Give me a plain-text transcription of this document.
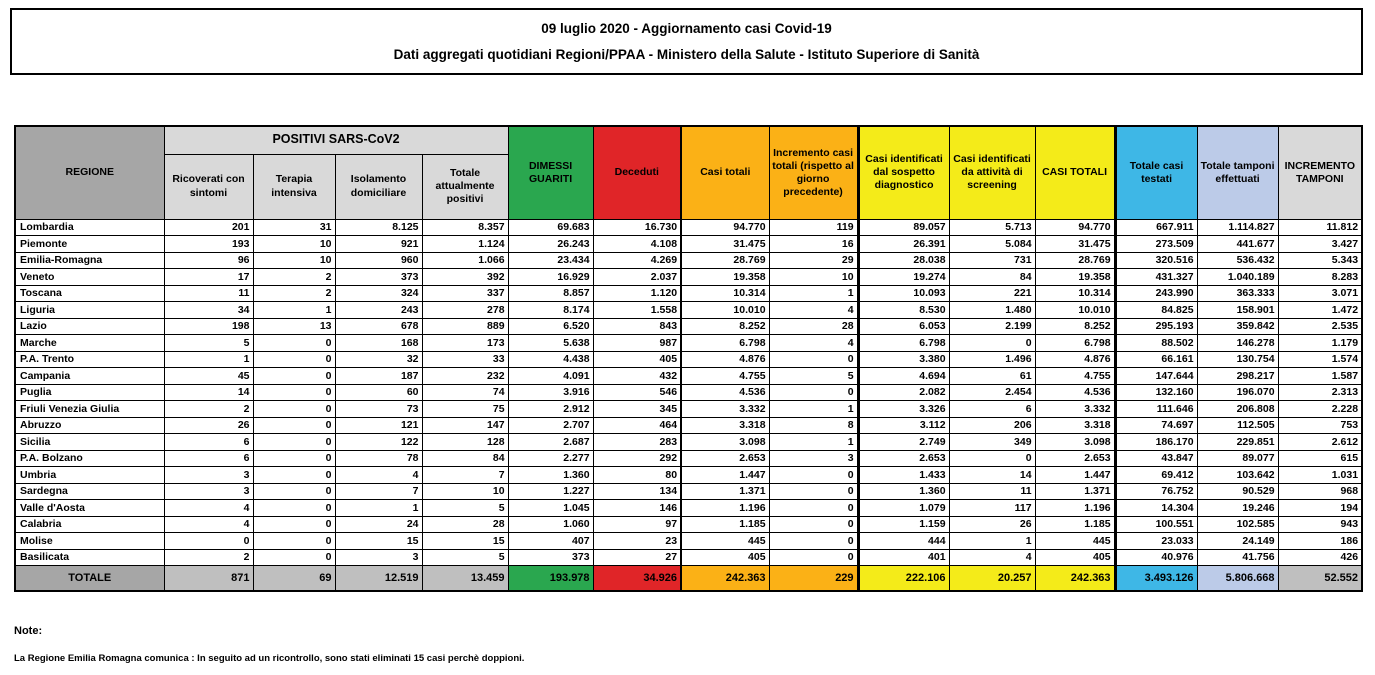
09 luglio 2020 - Aggiornamento casi Covid-19
Dati aggregati quotidiani Regioni/PPAA - Ministero della Salute - Istituto Superiore di Sanità
REGIONE	POSITIVI SARS-CoV2				DIMESSI GUARITI	Deceduti	Casi totali	Incremento casi totali (rispetto al giorno precedente)	Casi identificati dal sospetto diagnostico	Casi identificati da attività di screening	CASI TOTALI	Totale casi testati	Totale tamponi effettuati	INCREMENTO TAMPONI
	Ricoverati con sintomi	Terapia intensiva	Isolamento domiciliare	Totale attualmente positivi										
Lombardia	201	31	8.125	8.357	69.683	16.730	94.770	119	89.057	5.713	94.770	667.911	1.114.827	11.812
Piemonte	193	10	921	1.124	26.243	4.108	31.475	16	26.391	5.084	31.475	273.509	441.677	3.427
Emilia-Romagna	96	10	960	1.066	23.434	4.269	28.769	29	28.038	731	28.769	320.516	536.432	5.343
Veneto	17	2	373	392	16.929	2.037	19.358	10	19.274	84	19.358	431.327	1.040.189	8.283
Toscana	11	2	324	337	8.857	1.120	10.314	1	10.093	221	10.314	243.990	363.333	3.071
Liguria	34	1	243	278	8.174	1.558	10.010	4	8.530	1.480	10.010	84.825	158.901	1.472
Lazio	198	13	678	889	6.520	843	8.252	28	6.053	2.199	8.252	295.193	359.842	2.535
Marche	5	0	168	173	5.638	987	6.798	4	6.798	0	6.798	88.502	146.278	1.179
P.A. Trento	1	0	32	33	4.438	405	4.876	0	3.380	1.496	4.876	66.161	130.754	1.574
Campania	45	0	187	232	4.091	432	4.755	5	4.694	61	4.755	147.644	298.217	1.587
Puglia	14	0	60	74	3.916	546	4.536	0	2.082	2.454	4.536	132.160	196.070	2.313
Friuli Venezia Giulia	2	0	73	75	2.912	345	3.332	1	3.326	6	3.332	111.646	206.808	2.228
Abruzzo	26	0	121	147	2.707	464	3.318	8	3.112	206	3.318	74.697	112.505	753
Sicilia	6	0	122	128	2.687	283	3.098	1	2.749	349	3.098	186.170	229.851	2.612
P.A. Bolzano	6	0	78	84	2.277	292	2.653	3	2.653	0	2.653	43.847	89.077	615
Umbria	3	0	4	7	1.360	80	1.447	0	1.433	14	1.447	69.412	103.642	1.031
Sardegna	3	0	7	10	1.227	134	1.371	0	1.360	11	1.371	76.752	90.529	968
Valle d'Aosta	4	0	1	5	1.045	146	1.196	0	1.079	117	1.196	14.304	19.246	194
Calabria	4	0	24	28	1.060	97	1.185	0	1.159	26	1.185	100.551	102.585	943
Molise	0	0	15	15	407	23	445	0	444	1	445	23.033	24.149	186
Basilicata	2	0	3	5	373	27	405	0	401	4	405	40.976	41.756	426
TOTALE	871	69	12.519	13.459	193.978	34.926	242.363	229	222.106	20.257	242.363	3.493.126	5.806.668	52.552
Note:
La Regione Emilia Romagna comunica : In seguito ad un ricontrollo, sono stati eliminati 15 casi perchè doppioni.
